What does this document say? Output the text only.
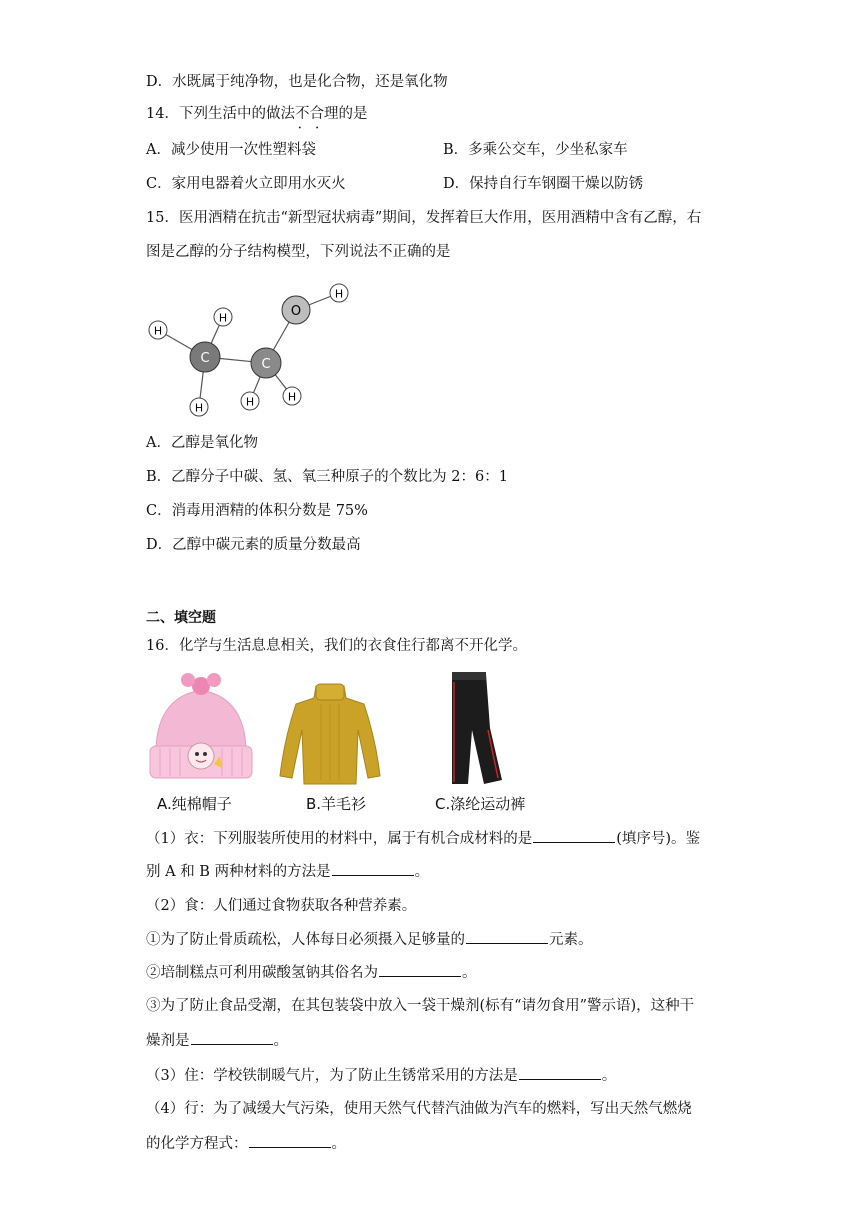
D．水既属于纯净物，也是化合物，还是氧化物
14．下列生活中的做法不合理 • •的是
A．减少使用一次性塑料袋	B．多乘公交车，少坐私家车
C．家用电器着火立即用水灭火	D．保持自行车钢圈干燥以防锈
15．医用酒精在抗击“新型冠状病毒”期间，发挥着巨大作用，医用酒精中含有乙醇，右
图是乙醇的分子结构模型，下列说法不正确的是
H
H
H	H	H
H
C	C
O
A．乙醇是氧化物
B．乙醇分子中碳、氢、氧三种原子的个数比为 2：6：1
C．消毒用酒精的体积分数是 75%
D．乙醇中碳元素的质量分数最高
二、填空题
16．化学与生活息息相关，我们的衣食住行都离不开化学。
A.纯棉帽子	B.羊毛衫	C.涤纶运动裤
（1）衣：下列服装所使用的材料中，属于有机合成材料的是	(填序号)。鉴
别 A 和 B 两种材料的方法是	。
（2）食：人们通过食物获取各种营养素。
①为了防止骨质疏松，人体每日必须摄入足够量的	元素。
②培制糕点可利用碳酸氢钠其俗名为	。
③为了防止食品受潮，在其包装袋中放入一袋干燥剂(标有“请勿食用”警示语)，这种干
燥剂是	。
（3）住：学校铁制暖气片，为了防止生锈常采用的方法是	。
（4）行：为了减缓大气污染，使用天然气代替汽油做为汽车的燃料，写出天然气燃烧
的化学方程式：	。
